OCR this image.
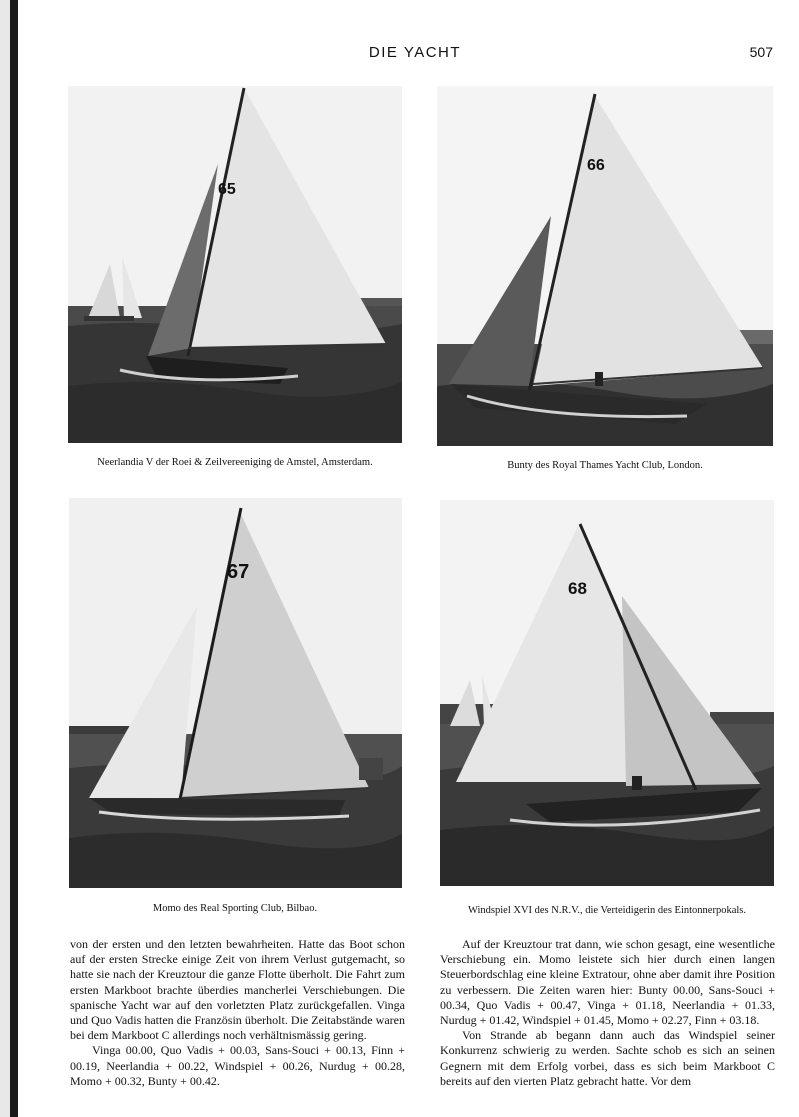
DIE YACHT	507
65
66
Neerlandia V der Roei & Zeilvereeniging de Amstel, Amsterdam.	Bunty des Royal Thames Yacht Club, London.
67
68
Momo des Real Sporting Club, Bilbao.	Windspiel XVI des N.R.V., die Verteidigerin des Eintonnerpokals.

von der ersten und den letzten bewahrheiten. Hatte das Boot schon auf der ersten Strecke einige Zeit von ihrem Verlust gutgemacht, so hatte sie nach der Kreuztour die ganze Flotte überholt. Die Fahrt zum ersten Markboot brachte überdies mancherlei Verschiebungen. Die spanische Yacht war auf den vorletzten Platz zurückgefallen. Vinga und Quo Vadis hatten die Französin überholt. Die Zeitabstände waren bei dem Markboot C allerdings noch verhältnismässig gering.

Vinga 00.00, Quo Vadis + 00.03, Sans-Souci + 00.13, Finn + 00.19, Neerlandia + 00.22, Windspiel + 00.26, Nurdug + 00.28, Momo + 00.32, Bunty + 00.42.

Auf der Kreuztour trat dann, wie schon gesagt, eine wesentliche Verschiebung ein. Momo leistete sich hier durch einen langen Steuerbordschlag eine kleine Extratour, ohne aber damit ihre Position zu verbessern. Die Zeiten waren hier: Bunty 00.00, Sans-Souci + 00.34, Quo Vadis + 00.47, Vinga + 01.18, Neerlandia + 01.33, Nurdug + 01.42, Windspiel + 01.45, Momo + 02.27, Finn + 03.18.

Von Strande ab begann dann auch das Windspiel seiner Konkurrenz schwierig zu werden. Sachte schob es sich an seinen Gegnern mit dem Erfolg vorbei, dass es sich beim Markboot C bereits auf den vierten Platz gebracht hatte. Vor dem
